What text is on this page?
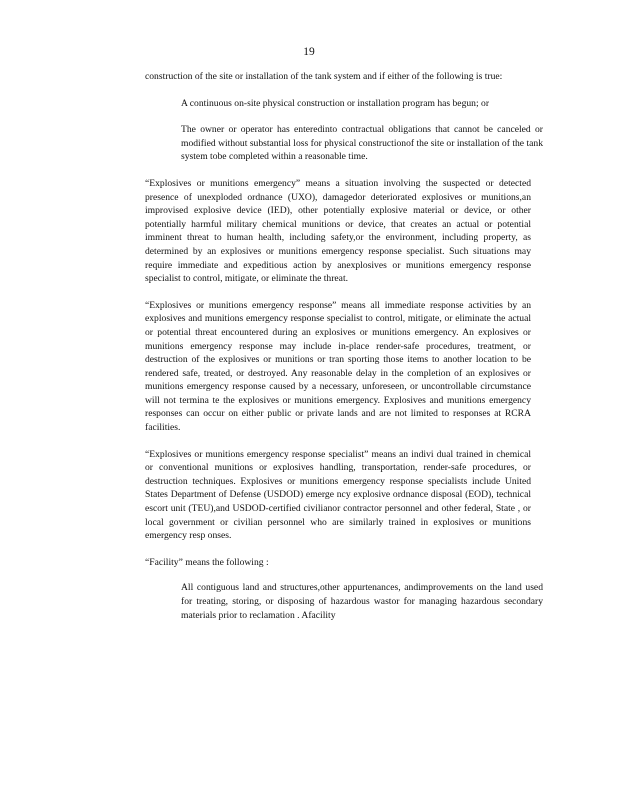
19

construction of the site or installation of the tank system and if either of the following is true:

A continuous on-site physical construction or installation program has begun; or

The owner or operator has enteredinto contractual obligations that cannot be canceled or modified without substantial loss for physical constructionof the site or installation of the tank system tobe completed within a reasonable time.

“Explosives or munitions emergency” means a situation involving the suspected or detected presence of unexploded ordnance (UXO), damagedor deteriorated explosives or munitions,an improvised explosive device (IED), other potentially explosive material or device, or other potentially harmful military chemical munitions or device, that creates an actual or potential imminent threat to human health, including safety,or the environment, including property, as determined by an explosives or munitions emergency response specialist. Such situations may require immediate and expeditious action by anexplosives or munitions emergency response specialist to control, mitigate, or eliminate the threat.

“Explosives or munitions emergency response” means all immediate response activities by an explosives and munitions emergency response specialist to control, mitigate, or eliminate the actual or potential threat encountered during an explosives or munitions emergency. An explosives or munitions emergency response may include in-place render-safe procedures, treatment, or destruction of the explosives or munitions or tran sporting those items to another location to be rendered safe, treated, or destroyed. Any reasonable delay in the completion of an explosives or munitions emergency response caused by a necessary, unforeseen, or uncontrollable circumstance will not termina te the explosives or munitions emergency. Explosives and munitions emergency responses can occur on either public or private lands and are not limited to responses at RCRA facilities.

“Explosives or munitions emergency response specialist” means an indivi dual trained in chemical or conventional munitions or explosives handling, transportation, render-safe procedures, or destruction techniques. Explosives or munitions emergency response specialists include United States Department of Defense (USDOD) emerge ncy explosive ordnance disposal (EOD), technical escort unit (TEU),and USDOD-certified civilianor contractor personnel and other federal, State , or local government or civilian personnel who are similarly trained in explosives or munitions emergency resp onses.

“Facility” means the following :

All contiguous land and structures,other appurtenances, andimprovements on the land used for treating, storing, or disposing of hazardous wastor for managing hazardous secondary materials prior to reclamation . Afacility
